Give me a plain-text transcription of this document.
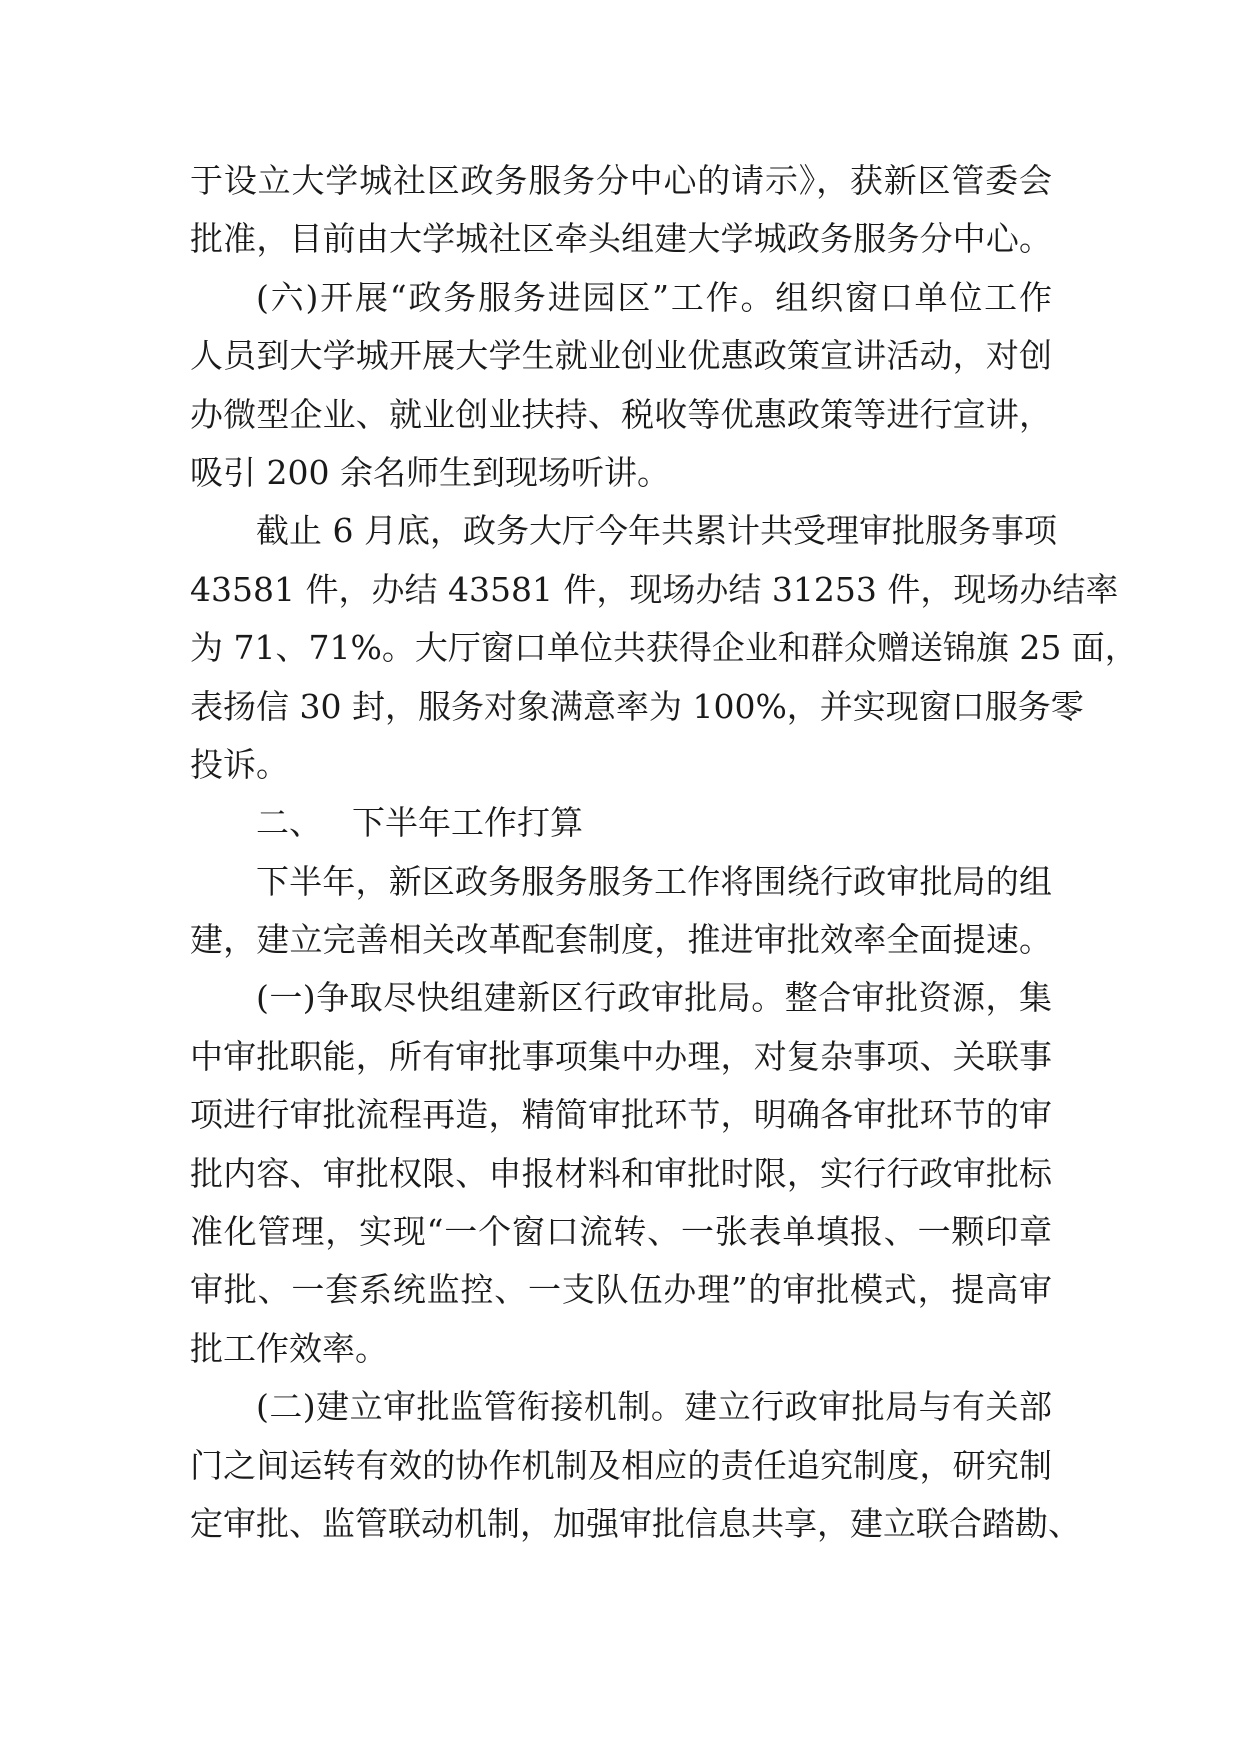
于设立大学城社区政务服务分中心的请示》，获新区管委会
批准，目前由大学城社区牵头组建大学城政务服务分中心。
(六)开展“政务服务进园区”工作。组织窗口单位工作
人员到大学城开展大学生就业创业优惠政策宣讲活动，对创
办微型企业、就业创业扶持、税收等优惠政策等进行宣讲，
吸引 200 余名师生到现场听讲。
截止 6 月底，政务大厅今年共累计共受理审批服务事项
43581 件，办结 43581 件，现场办结 31253 件，现场办结率
为 71、71%。大厅窗口单位共获得企业和群众赠送锦旗 25 面，
表扬信 30 封，服务对象满意率为 100%，并实现窗口服务零
投诉。
二、 下半年工作打算
下半年，新区政务服务服务工作将围绕行政审批局的组
建，建立完善相关改革配套制度，推进审批效率全面提速。
(一)争取尽快组建新区行政审批局。整合审批资源，集
中审批职能，所有审批事项集中办理，对复杂事项、关联事
项进行审批流程再造，精简审批环节，明确各审批环节的审
批内容、审批权限、申报材料和审批时限，实行行政审批标
准化管理，实现“一个窗口流转、一张表单填报、一颗印章
审批、一套系统监控、一支队伍办理”的审批模式，提高审
批工作效率。
(二)建立审批监管衔接机制。建立行政审批局与有关部
门之间运转有效的协作机制及相应的责任追究制度，研究制
定审批、监管联动机制，加强审批信息共享，建立联合踏勘、
